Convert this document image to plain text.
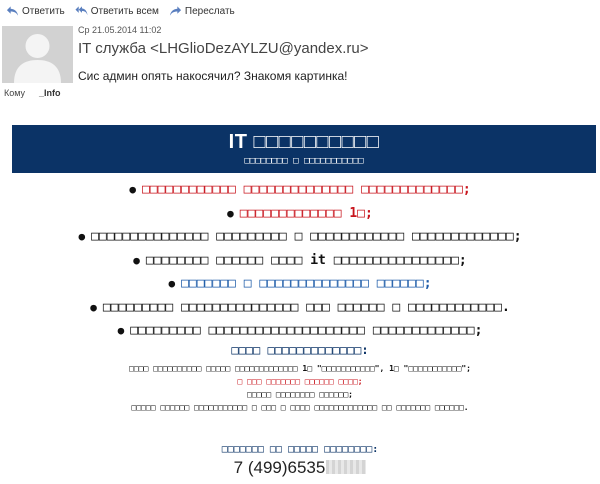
Ответить	Ответить всем	Переслать
Ср 21.05.2014 11:02
IT служба <LHGlioDezAYLZU@yandex.ru>
Сис админ опять накосячил? Знакомя картинка!
Кому _Info
IT □□□□□□□□□□
□□□□□□□□ □ □□□□□□□□□□□
● □□□□□□□□□□□□ □□□□□□□□□□□□□□ □□□□□□□□□□□□□;
● □□□□□□□□□□□□□ 1□;
● □□□□□□□□□□□□□□□ □□□□□□□□□ □ □□□□□□□□□□□□ □□□□□□□□□□□□□;
● □□□□□□□□ □□□□□□ □□□□ it □□□□□□□□□□□□□□□□;
● □□□□□□□ □ □□□□□□□□□□□□□□ □□□□□□;
● □□□□□□□□□ □□□□□□□□□□□□□□□ □□□ □□□□□□ □ □□□□□□□□□□□□.
● □□□□□□□□□ □□□□□□□□□□□□□□□□□□□□ □□□□□□□□□□□□□;
□□□□ □□□□□□□□□□□□□:
□□□□ □□□□□□□□□□ □□□□□ □□□□□□□□□□□□□ 1□ "□□□□□□□□□□□", 1□ "□□□□□□□□□□□";
□ □□□ □□□□□□□ □□□□□□ □□□□;
□□□□□ □□□□□□□□ □□□□□□;
□□□□□ □□□□□□ □□□□□□□□□□□ □ □□□ □ □□□□ □□□□□□□□□□□□□ □□ □□□□□□□ □□□□□□.
□□□□□□□ □□ □□□□□ □□□□□□□□:
7 (499)6535
